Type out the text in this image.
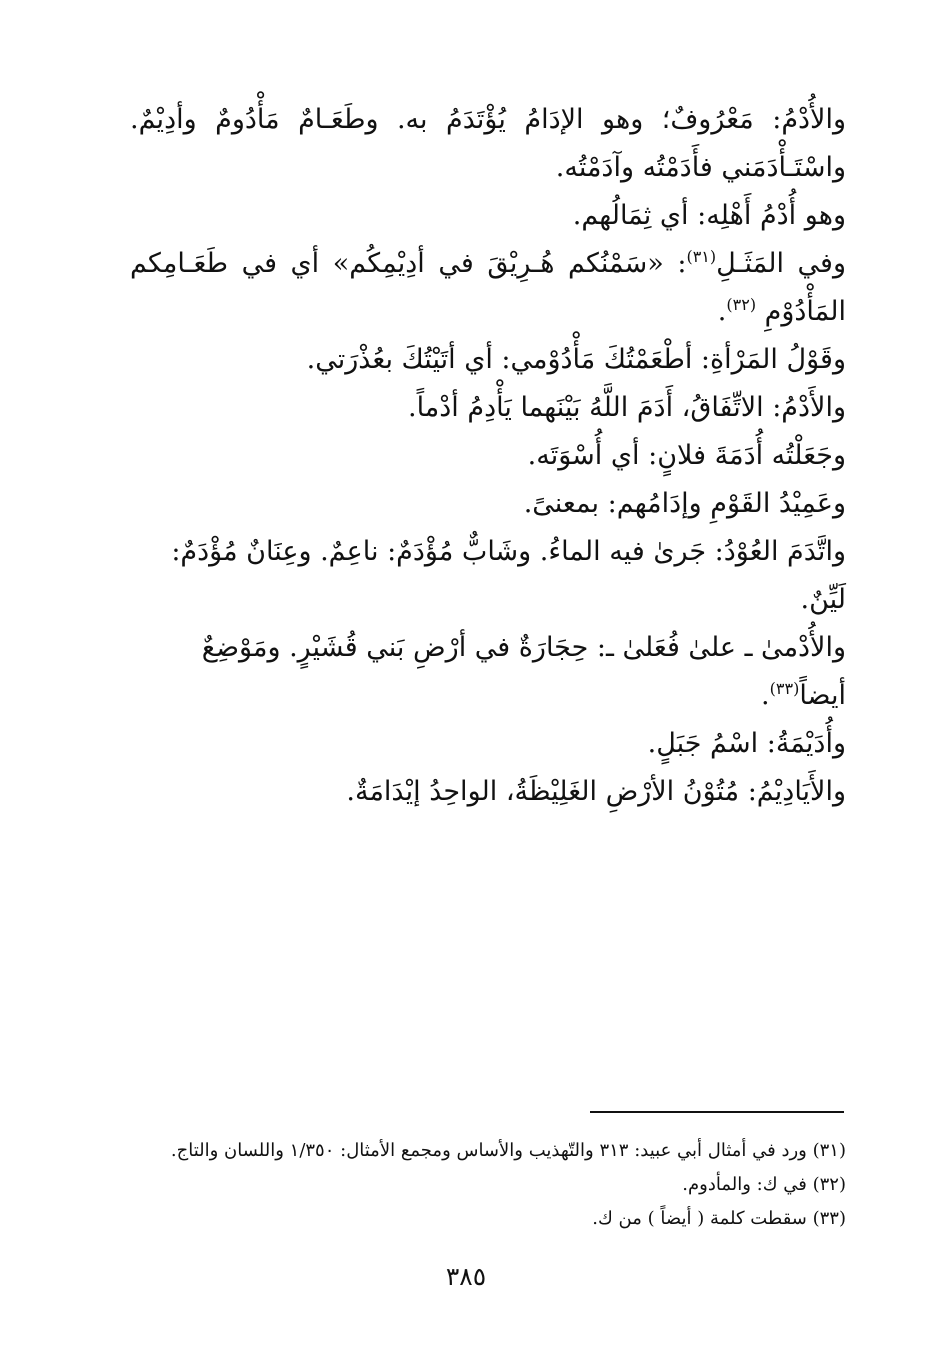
والأُدْمُ: مَعْرُوفٌ؛ وهو الإدَامُ يُؤْتَدَمُ به. وطَعَـامٌ مَأْدُومٌ وأدِيْمٌ. واسْتَـأْدَمَني فأَدَمْتُه وآدَمْتُه.

وهو أُدْمُ أَهْلِه: أي ثِمَالُهم.

وفي المَثَـلِ$^{(٣١)}$: «سَمْنُكم هُـرِيْقَ في أدِيْمِكُم» أي في طَعَـامِكم المَأْدُوْمِ $^{(٣٢)}$.

وقَوْلُ المَرْأةِ: أطْعَمْتُكَ مَأْدُوْمي: أي أتَيْتُكَ بعُذْرَتي.

والأَدْمُ: الاتِّفَاقُ، أَدَمَ اللَّهُ بَيْنَهما يَأْدِمُ أدْماً.

وجَعَلْتُه أُدَمَةَ فلانٍ: أي أُسْوَتَه.

وعَمِيْدُ القَوْمِ وإدَامُهم: بمعنىً.

واتَّدَمَ العُوْدُ: جَرىٰ فيه الماءُ. وشَابٌّ مُؤْدَمٌ: ناعِمٌ. وعِنَانٌ مُؤْدَمٌ: لَيِّنٌ.

والأُدْمىٰ ـ علىٰ فُعَلىٰ ـ: حِجَارَةٌ في أرْضِ بَني قُشَيْرٍ. ومَوْضِعٌ أيضاً$^{(٣٣)}$.

وأُدَيْمَةُ: اسْمُ جَبَلٍ.

والأَيَادِيْمُ: مُتُوْنُ الأرْضِ الغَلِيْظَةُ، الواحِدُ إيْدَامَةٌ.

(٣١) ورد في أمثال أبي عبيد: ٣١٣ والتّهذيب والأساس ومجمع الأمثال: ١/٣٥٠ واللسان والتاج.

(٣٢) في ك: والمأدوم.

(٣٣) سقطت كلمة ( أيضاً ) من ك.

٣٨٥
